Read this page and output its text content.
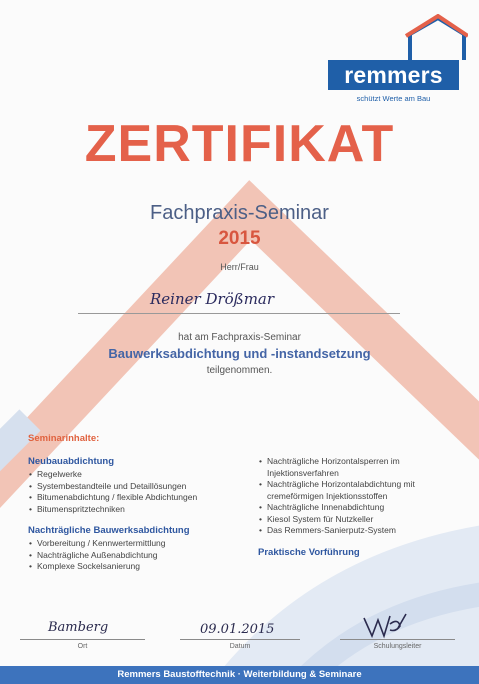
remmers
schützt Werte am Bau
ZERTIFIKAT
Fachpraxis-Seminar
2015
Herr/Frau
Reiner Drößmar
hat am Fachpraxis-Seminar
Bauwerksabdichtung und -instandsetzung
teilgenommen.
Seminarinhalte:
Neubauabdichtung
• Regelwerke
• Systembestandteile und Detaillösungen
• Bitumenabdichtung / flexible Abdichtungen
• Bitumenspritztechniken
Nachträgliche Bauwerksabdichtung
• Vorbereitung / Kennwertermittlung
• Nachträgliche Außenabdichtung
• Komplexe Sockelsanierung
• Nachträgliche Horizontalsperren im Injektionsverfahren
• Nachträgliche Horizontalabdichtung mit cremeförmigen Injektionsstoffen
• Nachträgliche Innenabdichtung
• Kiesol System für Nutzkeller
• Das Remmers-Sanierputz-System
Praktische Vorführung
Bamberg
Ort
09.01.2015
Datum	Schulungsleiter
Remmers Baustofftechnik · Weiterbildung & Seminare
